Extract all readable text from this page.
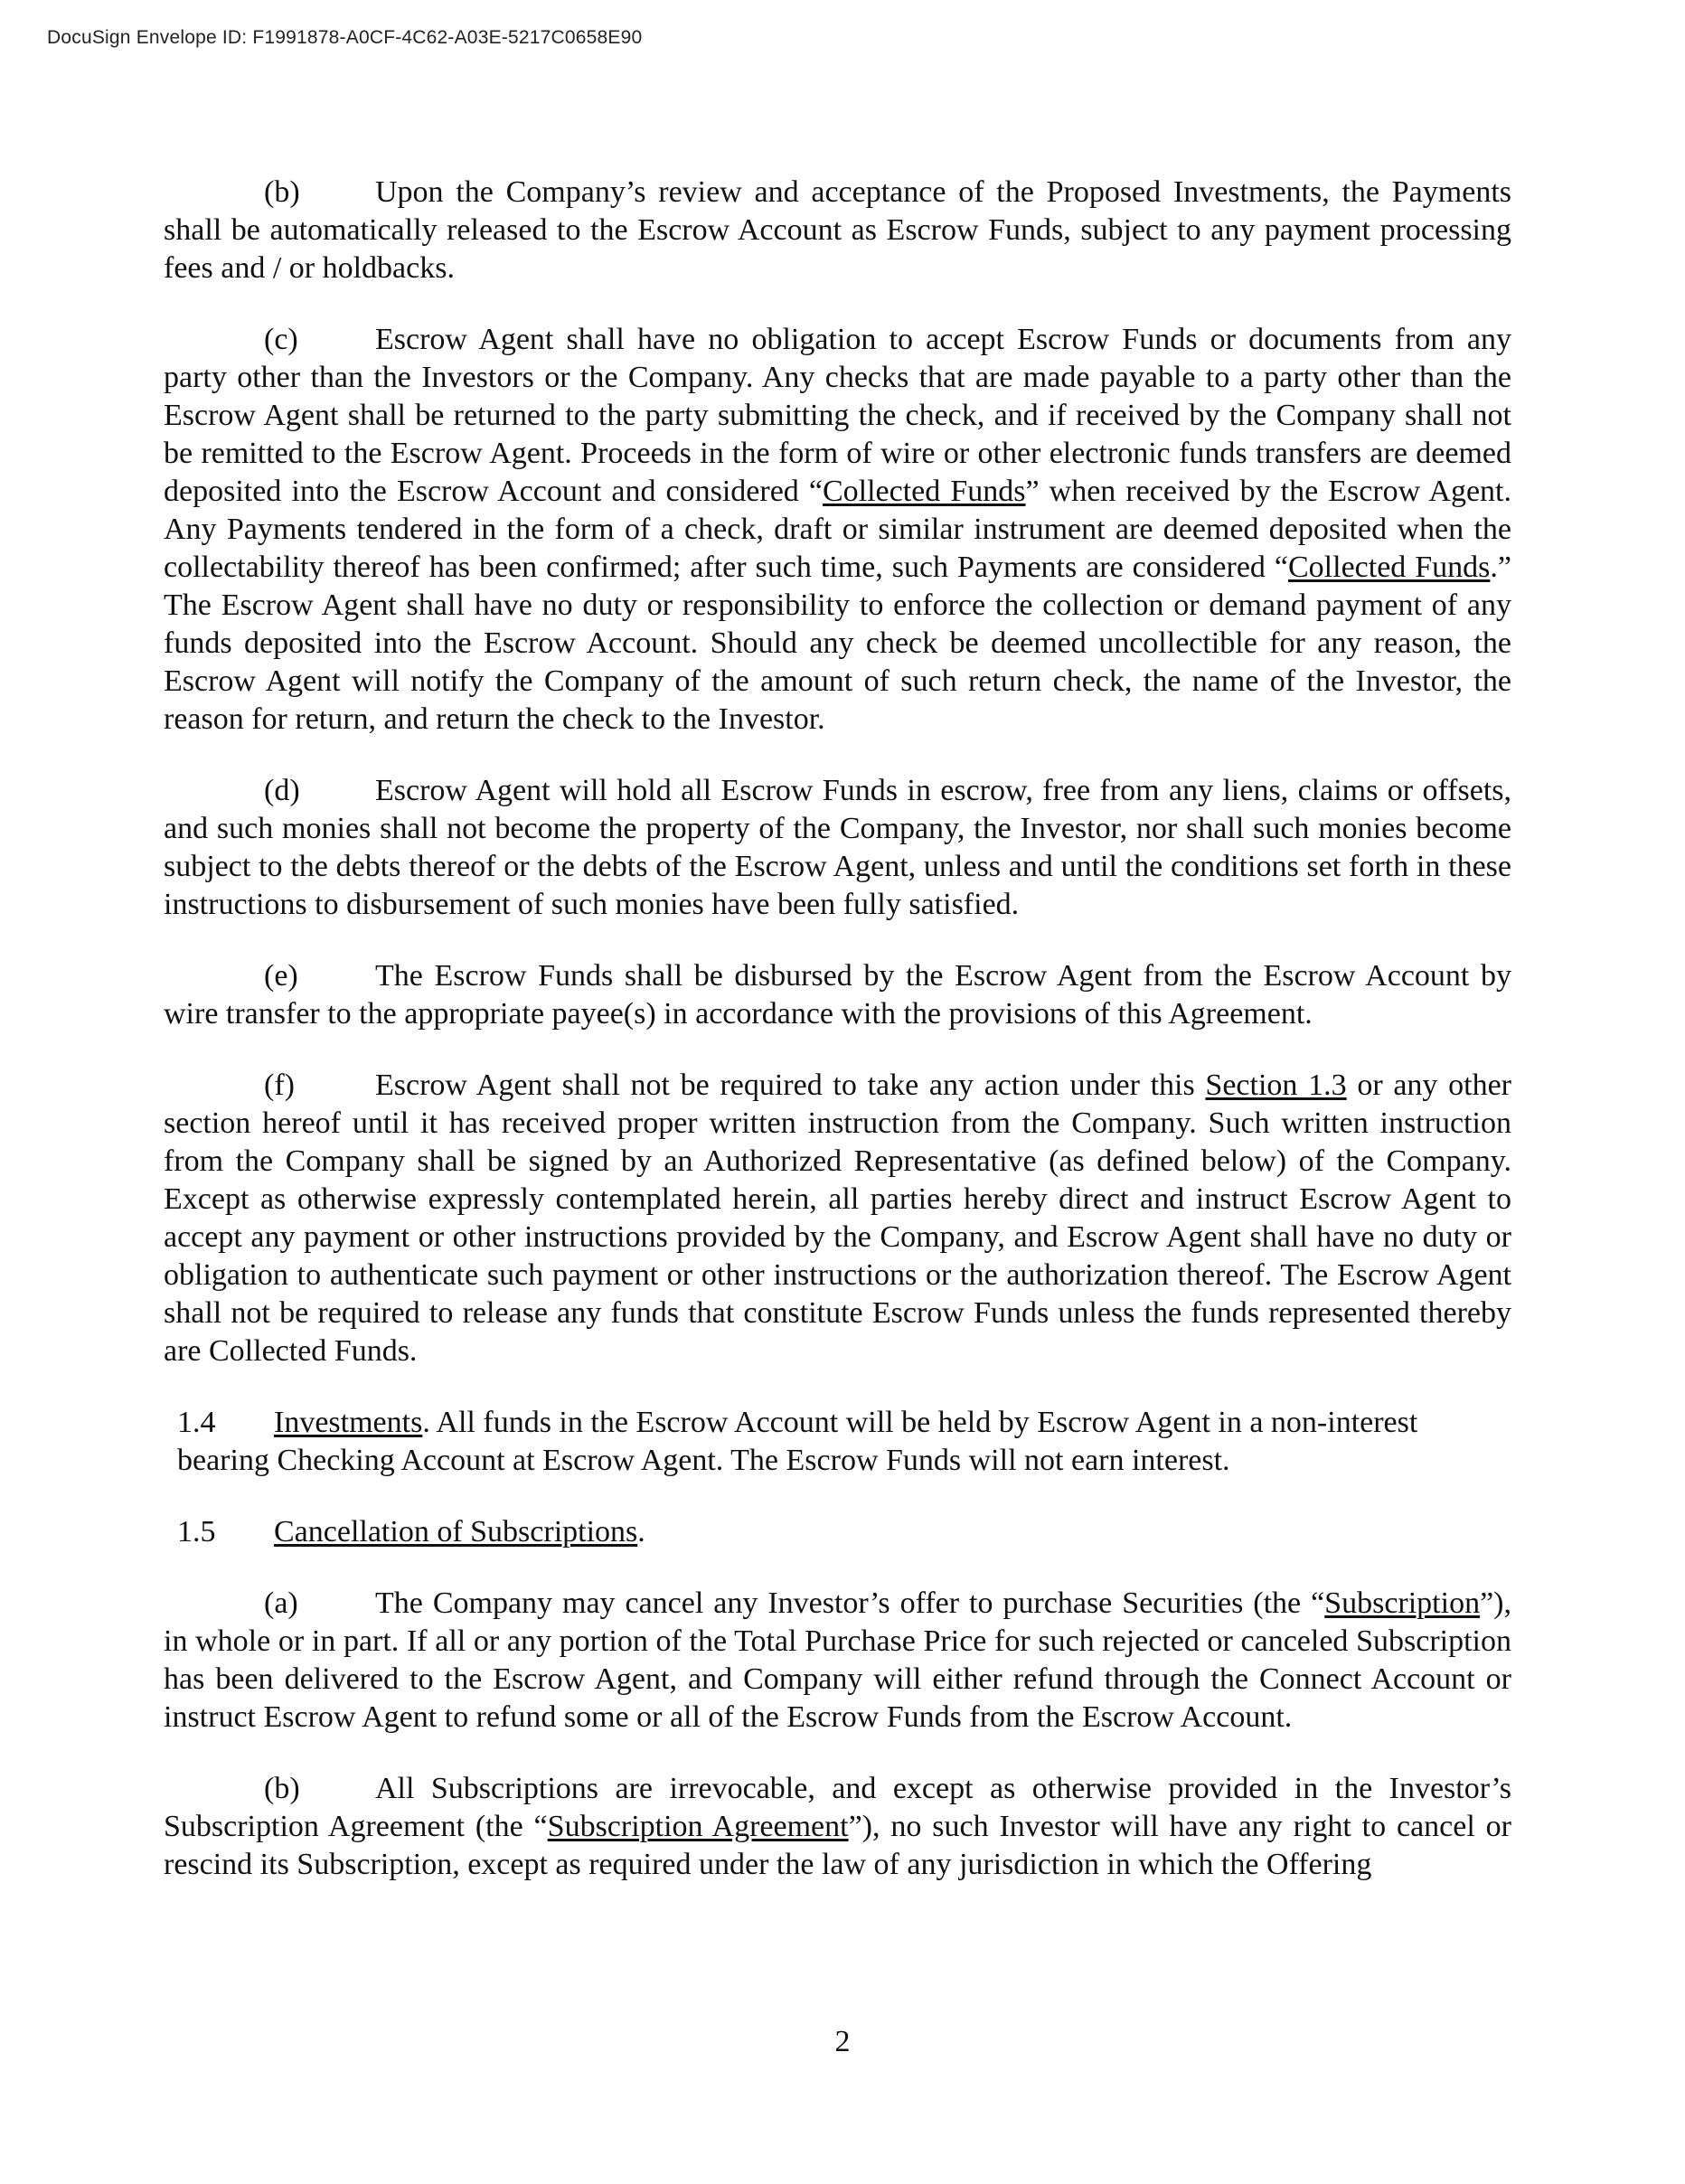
DocuSign Envelope ID: F1991878-A0CF-4C62-A03E-5217C0658E90

(b) Upon the Company’s review and acceptance of the Proposed Investments, the Payments shall be automatically released to the Escrow Account as Escrow Funds, subject to any payment processing fees and / or holdbacks.

(c)	Escrow Agent shall have no obligation to accept Escrow Funds or documents from any party other than the Investors or the Company. Any checks that are made payable to a party other than the Escrow Agent shall be returned to the party submitting the check, and if received by the Company shall not be remitted to the Escrow Agent. Proceeds in the form of wire or other electronic funds transfers are deemed deposited into the Escrow Account and considered “Collected Funds” when received by the Escrow Agent. Any Payments tendered in the form of a check, draft or similar instrument are deemed deposited when the collectability thereof has been confirmed; after such time, such Payments are considered “Collected Funds.” The Escrow Agent shall have no duty or responsibility to enforce the collection or demand payment of any funds deposited into the Escrow Account. Should any check be deemed uncollectible for any reason, the Escrow Agent will notify the Company of the amount of such return check, the name of the Investor, the reason for return, and return the check to the Investor.

(d) Escrow Agent will hold all Escrow Funds in escrow, free from any liens, claims or offsets, and such monies shall not become the property of the Company, the Investor, nor shall such monies become subject to the debts thereof or the debts of the Escrow Agent, unless and until the conditions set forth in these instructions to disbursement of such monies have been fully satisfied.

(e)	The Escrow Funds shall be disbursed by the Escrow Agent from the Escrow Account by wire transfer to the appropriate payee(s) in accordance with the provisions of this Agreement.

(f)	Escrow Agent shall not be required to take any action under this Section 1.3 or any other section hereof until it has received proper written instruction from the Company. Such written instruction from the Company shall be signed by an Authorized Representative (as defined below) of the Company. Except as otherwise expressly contemplated herein, all parties hereby direct and instruct Escrow Agent to accept any payment or other instructions provided by the Company, and Escrow Agent shall have no duty or obligation to authenticate such payment or other instructions or the authorization thereof. The Escrow Agent shall not be required to release any funds that constitute Escrow Funds unless the funds represented thereby are Collected Funds.

1.4 Investments. All funds in the Escrow Account will be held by Escrow Agent in a non-interest
bearing Checking Account at Escrow Agent. The Escrow Funds will not earn interest.
1.5 Cancellation of Subscriptions.

(a)	The Company may cancel any Investor’s offer to purchase Securities (the “Subscription”), in whole or in part. If all or any portion of the Total Purchase Price for such rejected or canceled Subscription has been delivered to the Escrow Agent, and Company will either refund through the Connect Account or instruct Escrow Agent to refund some or all of the Escrow Funds from the Escrow Account.

(b) All Subscriptions are irrevocable, and except as otherwise provided in the Investor’s Subscription Agreement (the “Subscription Agreement”), no such Investor will have any right to cancel or rescind its Subscription, except as required under the law of any jurisdiction in which the Offering

2
